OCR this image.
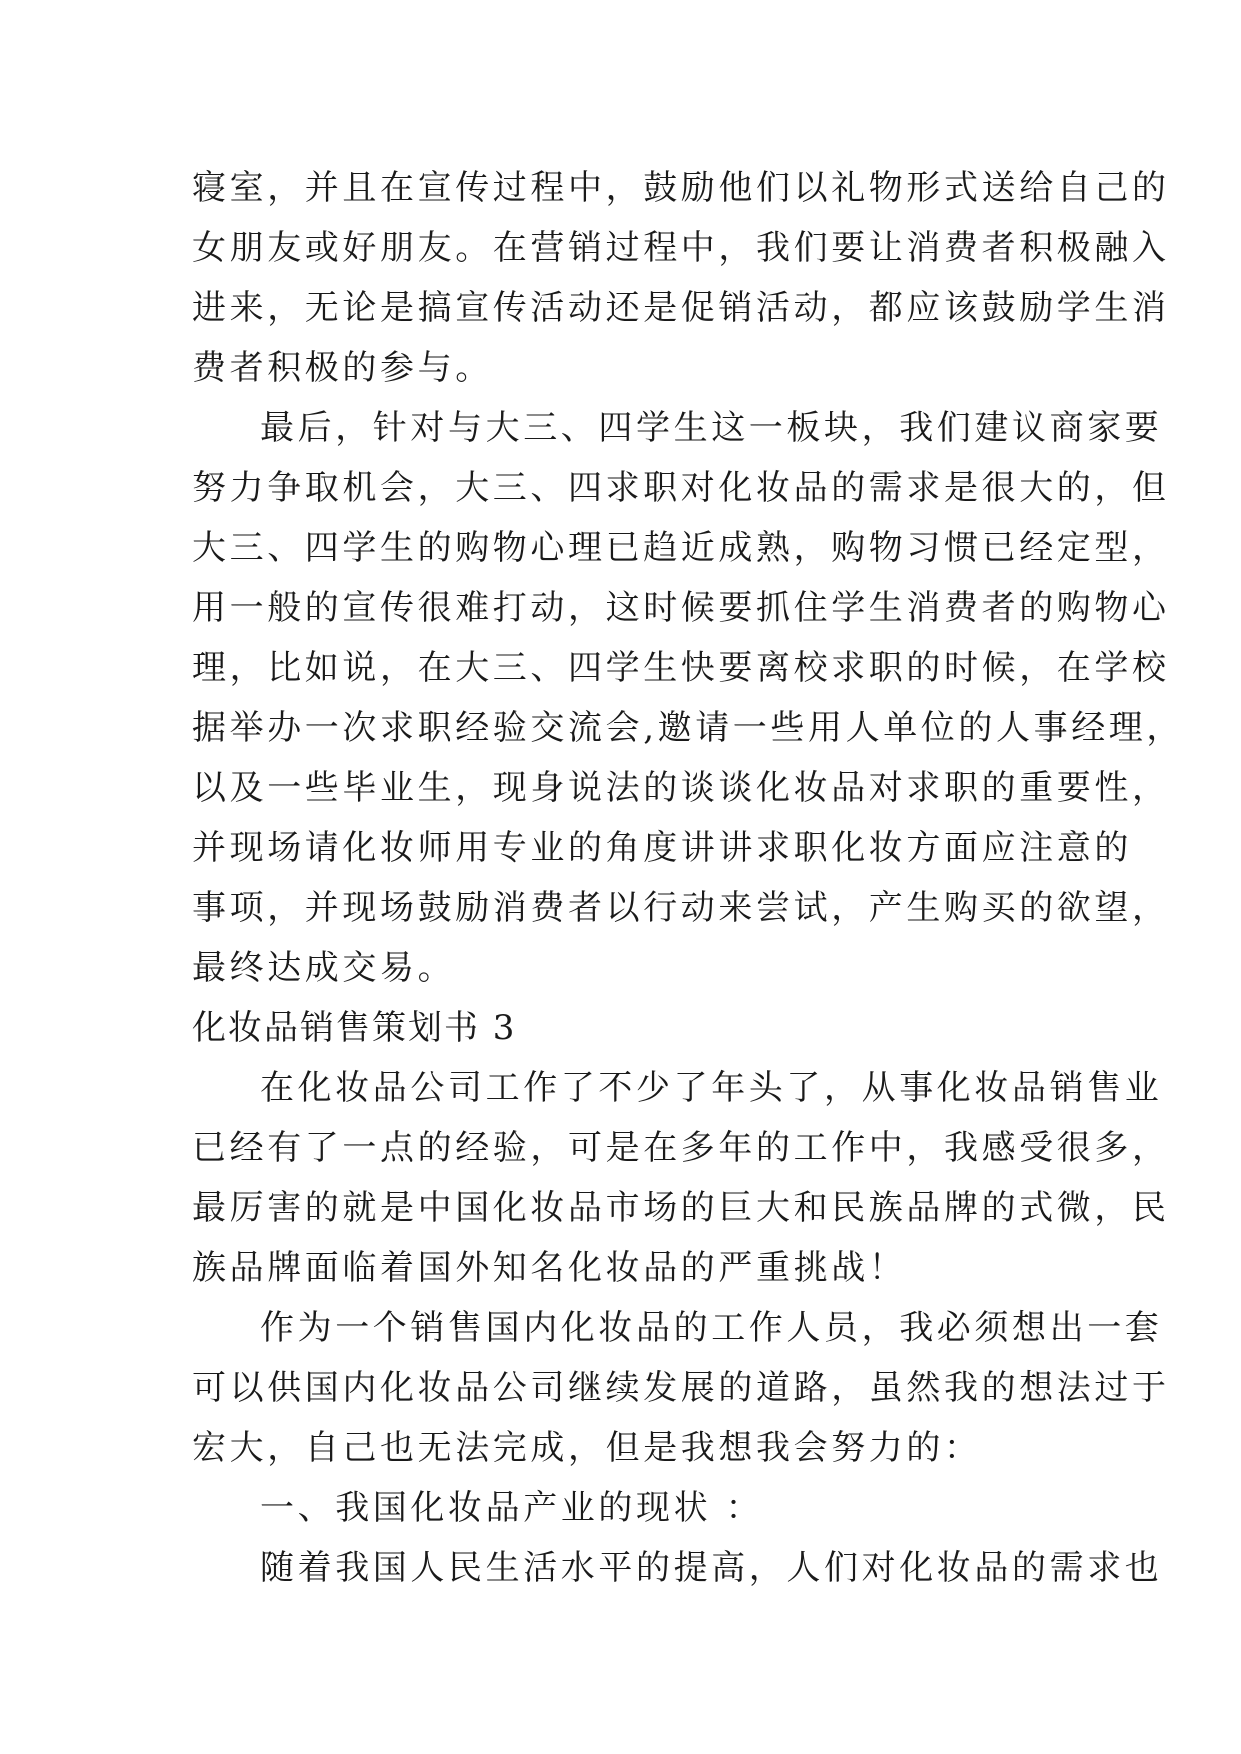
寝室，并且在宣传过程中，鼓励他们以礼物形式送给自己的
女朋友或好朋友。在营销过程中，我们要让消费者积极融入
进来，无论是搞宣传活动还是促销活动，都应该鼓励学生消
费者积极的参与。
最后，针对与大三、四学生这一板块，我们建议商家要
努力争取机会，大三、四求职对化妆品的需求是很大的，但
大三、四学生的购物心理已趋近成熟，购物习惯已经定型，
用一般的宣传很难打动，这时候要抓住学生消费者的购物心
理，比如说，在大三、四学生快要离校求职的时候，在学校
据举办一次求职经验交流会,邀请一些用人单位的人事经理，
以及一些毕业生，现身说法的谈谈化妆品对求职的重要性，
并现场请化妆师用专业的角度讲讲求职化妆方面应注意的
事项，并现场鼓励消费者以行动来尝试，产生购买的欲望，
最终达成交易。
化妆品销售策划书 3
在化妆品公司工作了不少了年头了，从事化妆品销售业
已经有了一点的经验，可是在多年的工作中，我感受很多，
最厉害的就是中国化妆品市场的巨大和民族品牌的式微，民
族品牌面临着国外知名化妆品的严重挑战！
作为一个销售国内化妆品的工作人员，我必须想出一套
可以供国内化妆品公司继续发展的道路，虽然我的想法过于
宏大，自己也无法完成，但是我想我会努力的：
一、我国化妆品产业的现状 ：
随着我国人民生活水平的提高，人们对化妆品的需求也
